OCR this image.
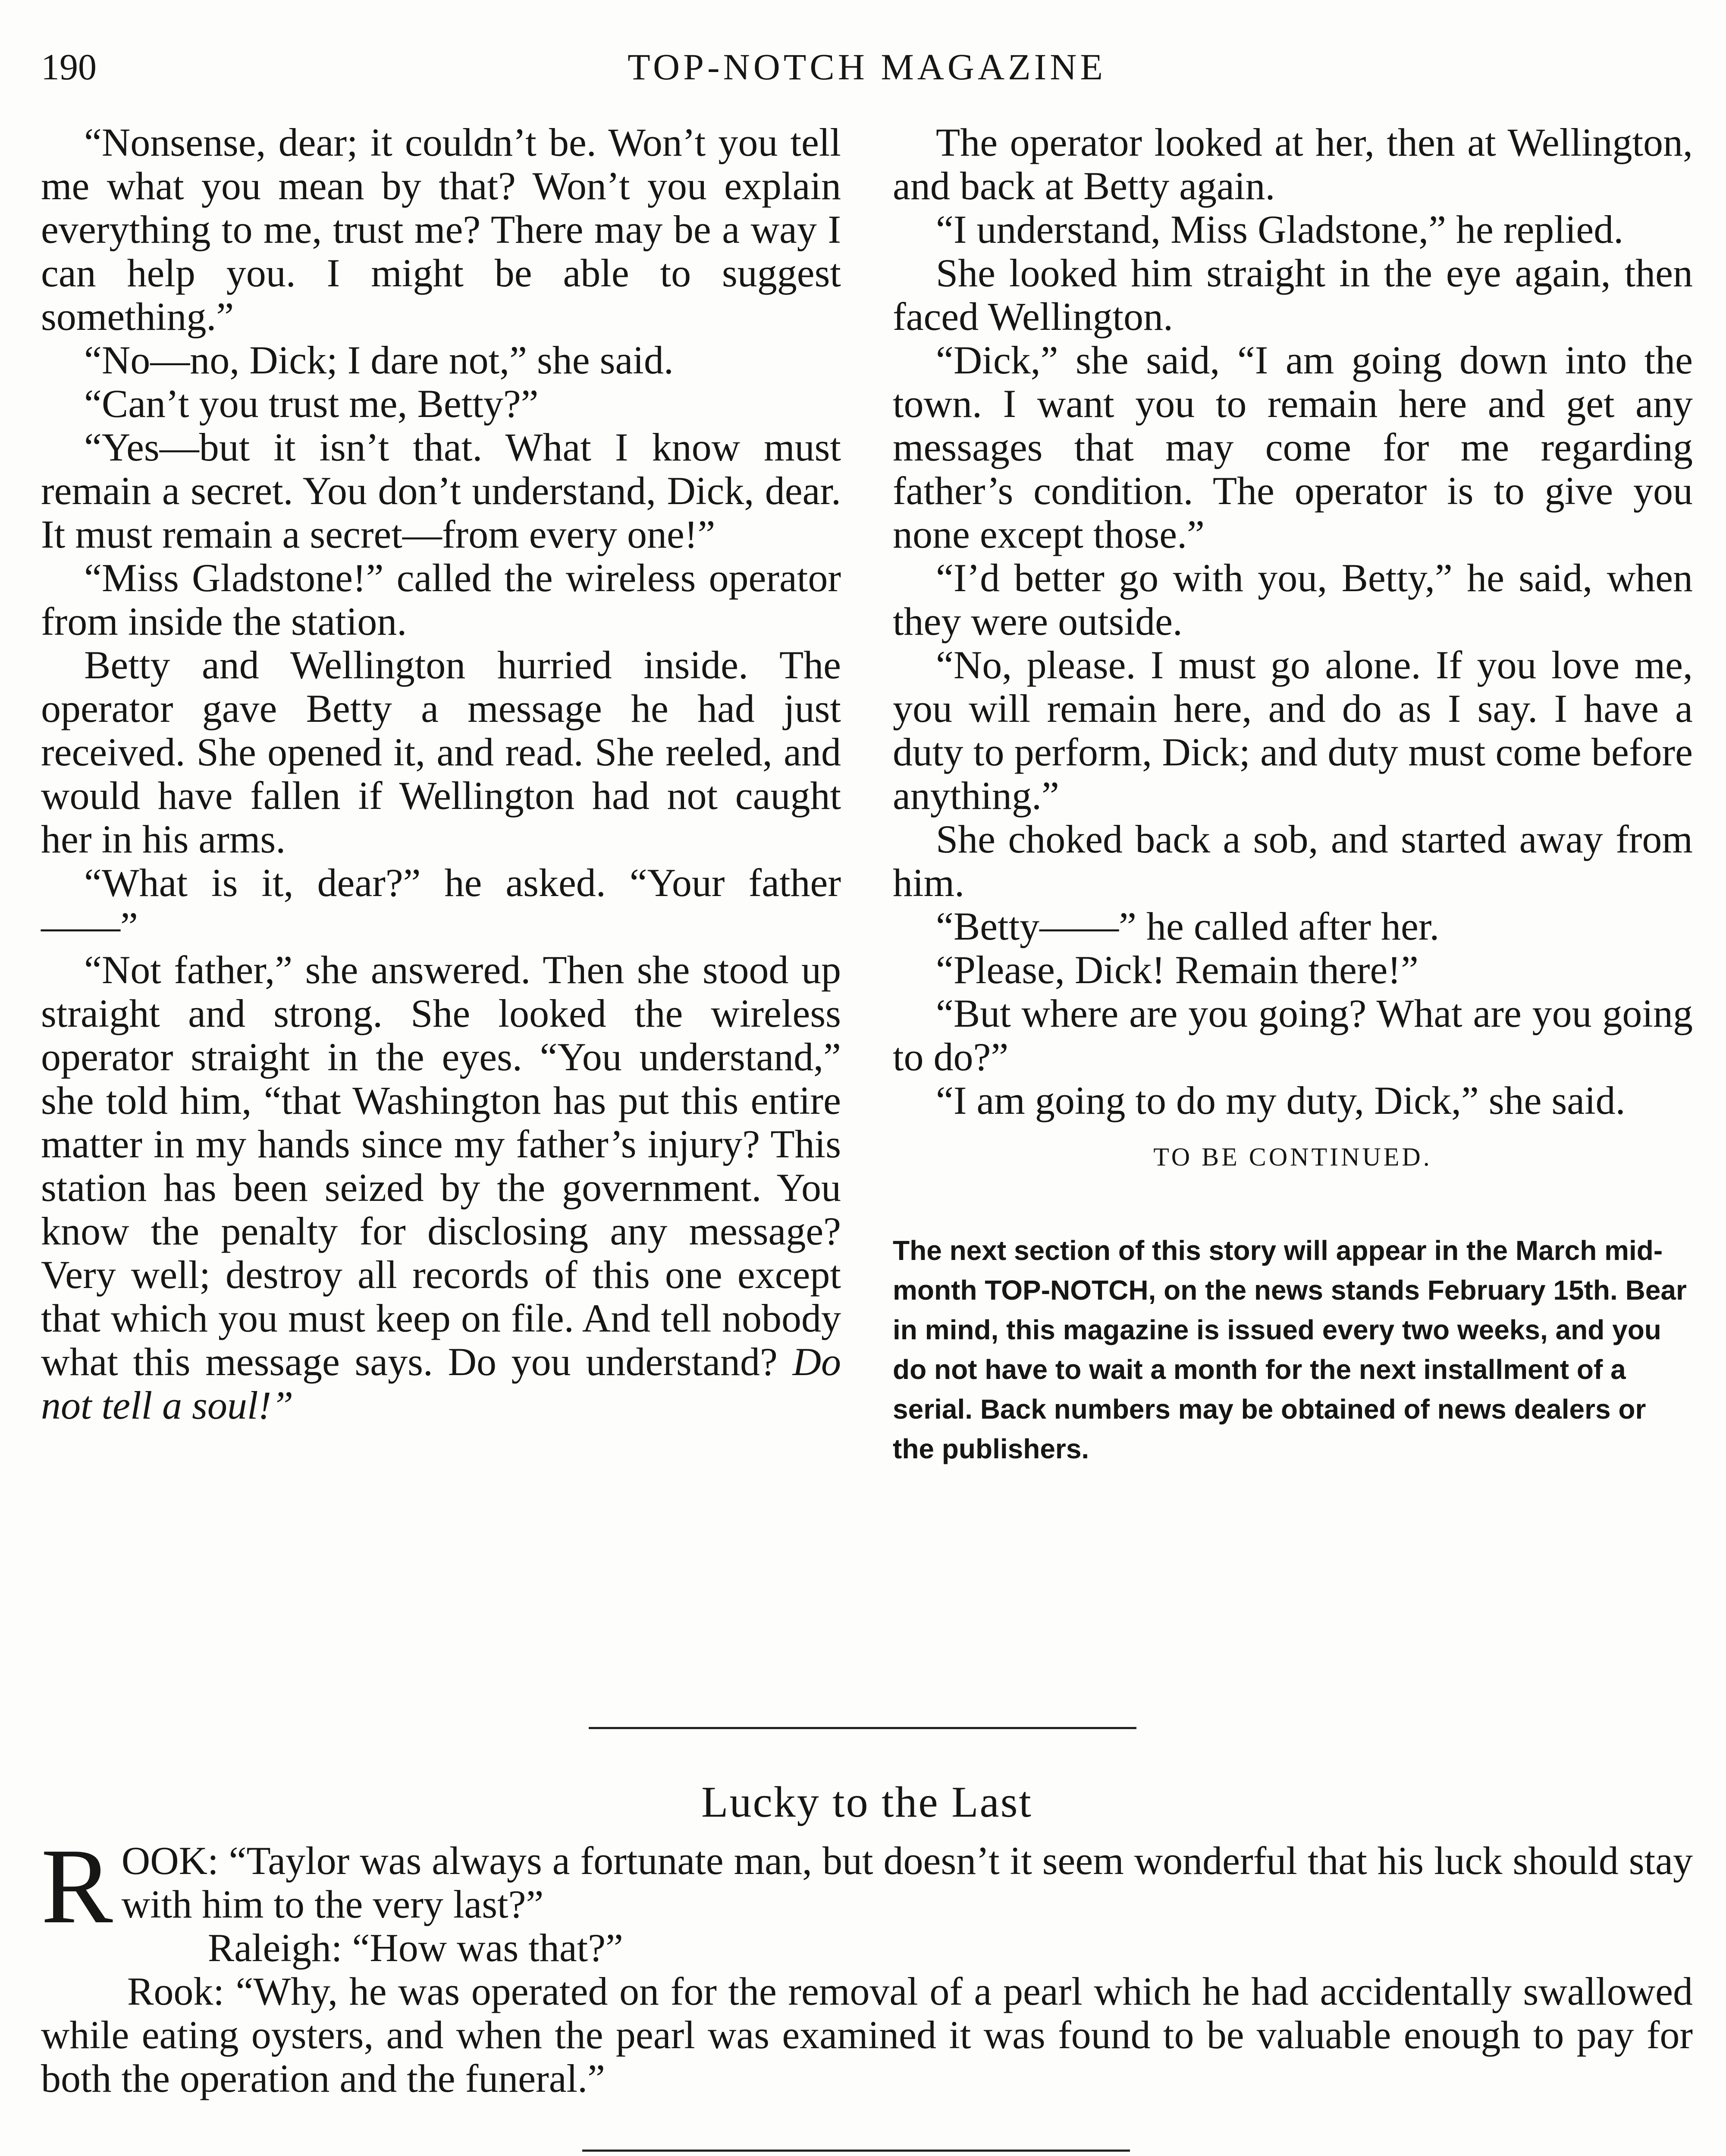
190	TOP-NOTCH MAGAZINE

“Nonsense, dear; it couldn’t be. Won’t you tell me what you mean by that? Won’t you explain everything to me, trust me? There may be a way I can help you. I might be able to suggest something.”

“No—no, Dick; I dare not,” she said.

“Can’t you trust me, Betty?”

“Yes—but it isn’t that. What I know must remain a secret. You don’t understand, Dick, dear. It must remain a secret—from every one!”

“Miss Gladstone!” called the wireless operator from inside the station.

Betty and Wellington hurried inside. The operator gave Betty a message he had just received. She opened it, and read. She reeled, and would have fallen if Wellington had not caught her in his arms.

“What is it, dear?” he asked. “Your father——”

“Not father,” she answered. Then she stood up straight and strong. She looked the wireless operator straight in the eyes. “You understand,” she told him, “that Washington has put this entire matter in my hands since my father’s injury? This station has been seized by the government. You know the penalty for disclosing any message? Very well; destroy all records of this one except that which you must keep on file. And tell nobody what this message says. Do you understand? Do not tell a soul!”

The operator looked at her, then at Wellington, and back at Betty again.

“I understand, Miss Gladstone,” he replied.

She looked him straight in the eye again, then faced Wellington.

“Dick,” she said, “I am going down into the town. I want you to remain here and get any messages that may come for me regarding father’s condition. The operator is to give you none except those.”

“I’d better go with you, Betty,” he said, when they were outside.

“No, please. I must go alone. If you love me, you will remain here, and do as I say. I have a duty to perform, Dick; and duty must come before anything.”

She choked back a sob, and started away from him.

“Betty——” he called after her.

“Please, Dick! Remain there!”

“But where are you going? What are you going to do?”

“I am going to do my duty, Dick,” she said.

TO BE CONTINUED.

The next section of this story will appear in the March mid-month TOP-NOTCH, on the news stands February 15th. Bear in mind, this magazine is issued every two weeks, and you do not have to wait a month for the next installment of a serial. Back numbers may be obtained of news dealers or the publishers.

Lucky to the Last

ROOK: “Taylor was always a fortunate man, but doesn’t it seem wonderful that his luck should stay with him to the very last?”

Raleigh: “How was that?”

Rook: “Why, he was operated on for the removal of a pearl which he had accidentally swallowed while eating oysters, and when the pearl was examined it was found to be valuable enough to pay for both the operation and the funeral.”
